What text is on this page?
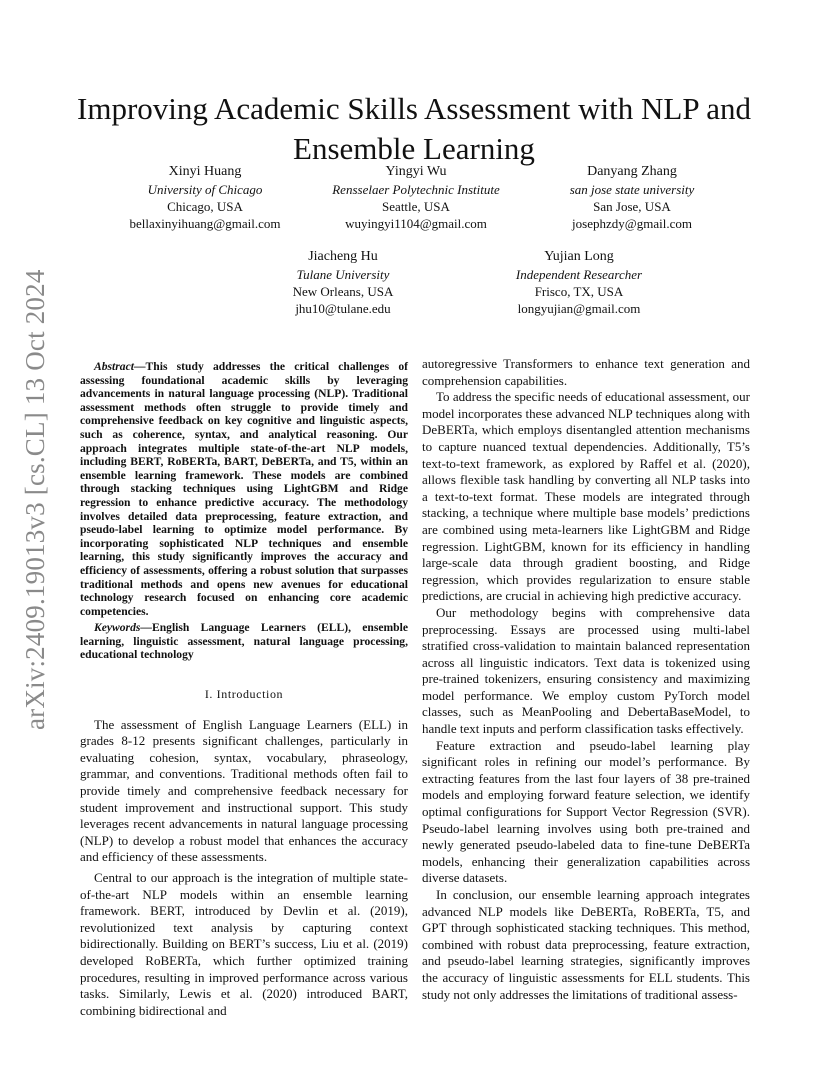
arXiv:2409.19013v3 [cs.CL] 13 Oct 2024
Improving Academic Skills Assessment with NLP and Ensemble Learning
Xinyi Huang
University of Chicago
Chicago, USA
bellaxinyihuang@gmail.com
Yingyi Wu
Rensselaer Polytechnic Institute
Seattle, USA
wuyingyi1104@gmail.com
Danyang Zhang
san jose state university
San Jose, USA
josephzdy@gmail.com
Jiacheng Hu
Tulane University
New Orleans, USA
jhu10@tulane.edu
Yujian Long
Independent Researcher
Frisco, TX, USA
longyujian@gmail.com

Abstract—This study addresses the critical challenges of assessing foundational academic skills by leveraging advancements in natural language processing (NLP). Traditional assessment methods often struggle to provide timely and comprehensive feedback on key cognitive and linguistic aspects, such as coherence, syntax, and analytical reasoning. Our approach integrates multiple state-of-the-art NLP models, including BERT, RoBERTa, BART, DeBERTa, and T5, within an ensemble learning framework. These models are combined through stacking techniques using LightGBM and Ridge regression to enhance predictive accuracy. The methodology involves detailed data preprocessing, feature extraction, and pseudo-label learning to optimize model performance. By incorporating sophisticated NLP techniques and ensemble learning, this study significantly improves the accuracy and efficiency of assessments, offering a robust solution that surpasses traditional methods and opens new avenues for educational technology research focused on enhancing core academic competencies.

Keywords—English Language Learners (ELL), ensemble learning, linguistic assessment, natural language processing, educational technology

I. Introduction

The assessment of English Language Learners (ELL) in grades 8-12 presents significant challenges, particularly in evaluating cohesion, syntax, vocabulary, phraseology, grammar, and conventions. Traditional methods often fail to provide timely and comprehensive feedback necessary for student improvement and instructional support. This study leverages recent advancements in natural language processing (NLP) to develop a robust model that enhances the accuracy and efficiency of these assessments.

Central to our approach is the integration of multiple state-of-the-art NLP models within an ensemble learning framework. BERT, introduced by Devlin et al. (2019), revolutionized text analysis by capturing context bidirectionally. Building on BERT’s success, Liu et al. (2019) developed RoBERTa, which further optimized training procedures, resulting in improved performance across various tasks. Similarly, Lewis et al. (2020) introduced BART, combining bidirectional and

autoregressive Transformers to enhance text generation and comprehension capabilities.

To address the specific needs of educational assessment, our model incorporates these advanced NLP techniques along with DeBERTa, which employs disentangled attention mechanisms to capture nuanced textual dependencies. Additionally, T5’s text-to-text framework, as explored by Raffel et al. (2020), allows flexible task handling by converting all NLP tasks into a text-to-text format. These models are integrated through stacking, a technique where multiple base models’ predictions are combined using meta-learners like LightGBM and Ridge regression. LightGBM, known for its efficiency in handling large-scale data through gradient boosting, and Ridge regression, which provides regularization to ensure stable predictions, are crucial in achieving high predictive accuracy.

Our methodology begins with comprehensive data preprocessing. Essays are processed using multi-label stratified cross-validation to maintain balanced representation across all linguistic indicators. Text data is tokenized using pre-trained tokenizers, ensuring consistency and maximizing model performance. We employ custom PyTorch model classes, such as MeanPooling and DebertaBaseModel, to handle text inputs and perform classification tasks effectively.

Feature extraction and pseudo-label learning play significant roles in refining our model’s performance. By extracting features from the last four layers of 38 pre-trained models and employing forward feature selection, we identify optimal configurations for Support Vector Regression (SVR). Pseudo-label learning involves using both pre-trained and newly generated pseudo-labeled data to fine-tune DeBERTa models, enhancing their generalization capabilities across diverse datasets.

In conclusion, our ensemble learning approach integrates advanced NLP models like DeBERTa, RoBERTa, T5, and GPT through sophisticated stacking techniques. This method, combined with robust data preprocessing, feature extraction, and pseudo-label learning strategies, significantly improves the accuracy of linguistic assessments for ELL students. This study not only addresses the limitations of traditional assess-
